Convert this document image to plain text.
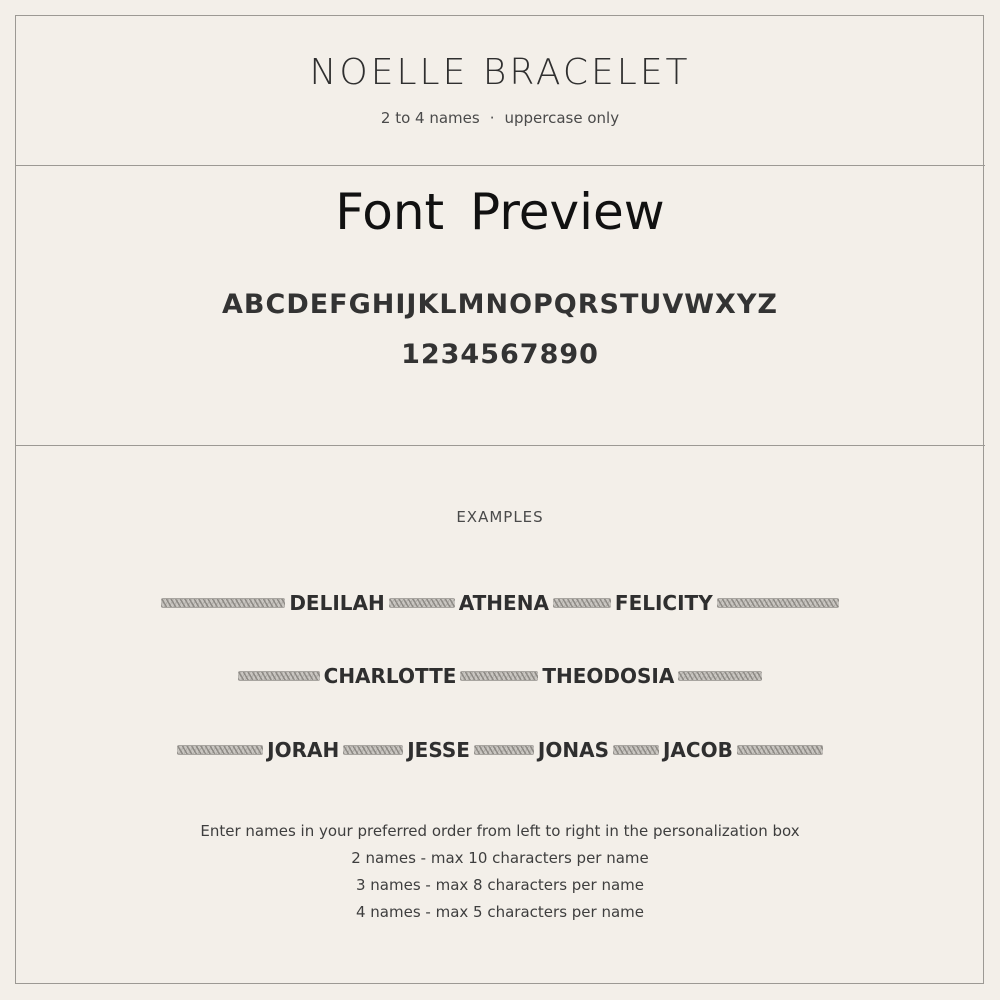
NOELLE BRACELET
2 to 4 names · uppercase only
Font Preview
ABCDEFGHIJKLMNOPQRSTUVWXYZ
1234567890
EXAMPLES
DELILAH	ATHENA	FELICITY
CHARLOTTE	THEODOSIA
JORAH	JESSE	JONAS	JACOB
Enter names in your preferred order from left to right in the personalization box
2 names - max 10 characters per name
3 names - max 8 characters per name
4 names - max 5 characters per name
